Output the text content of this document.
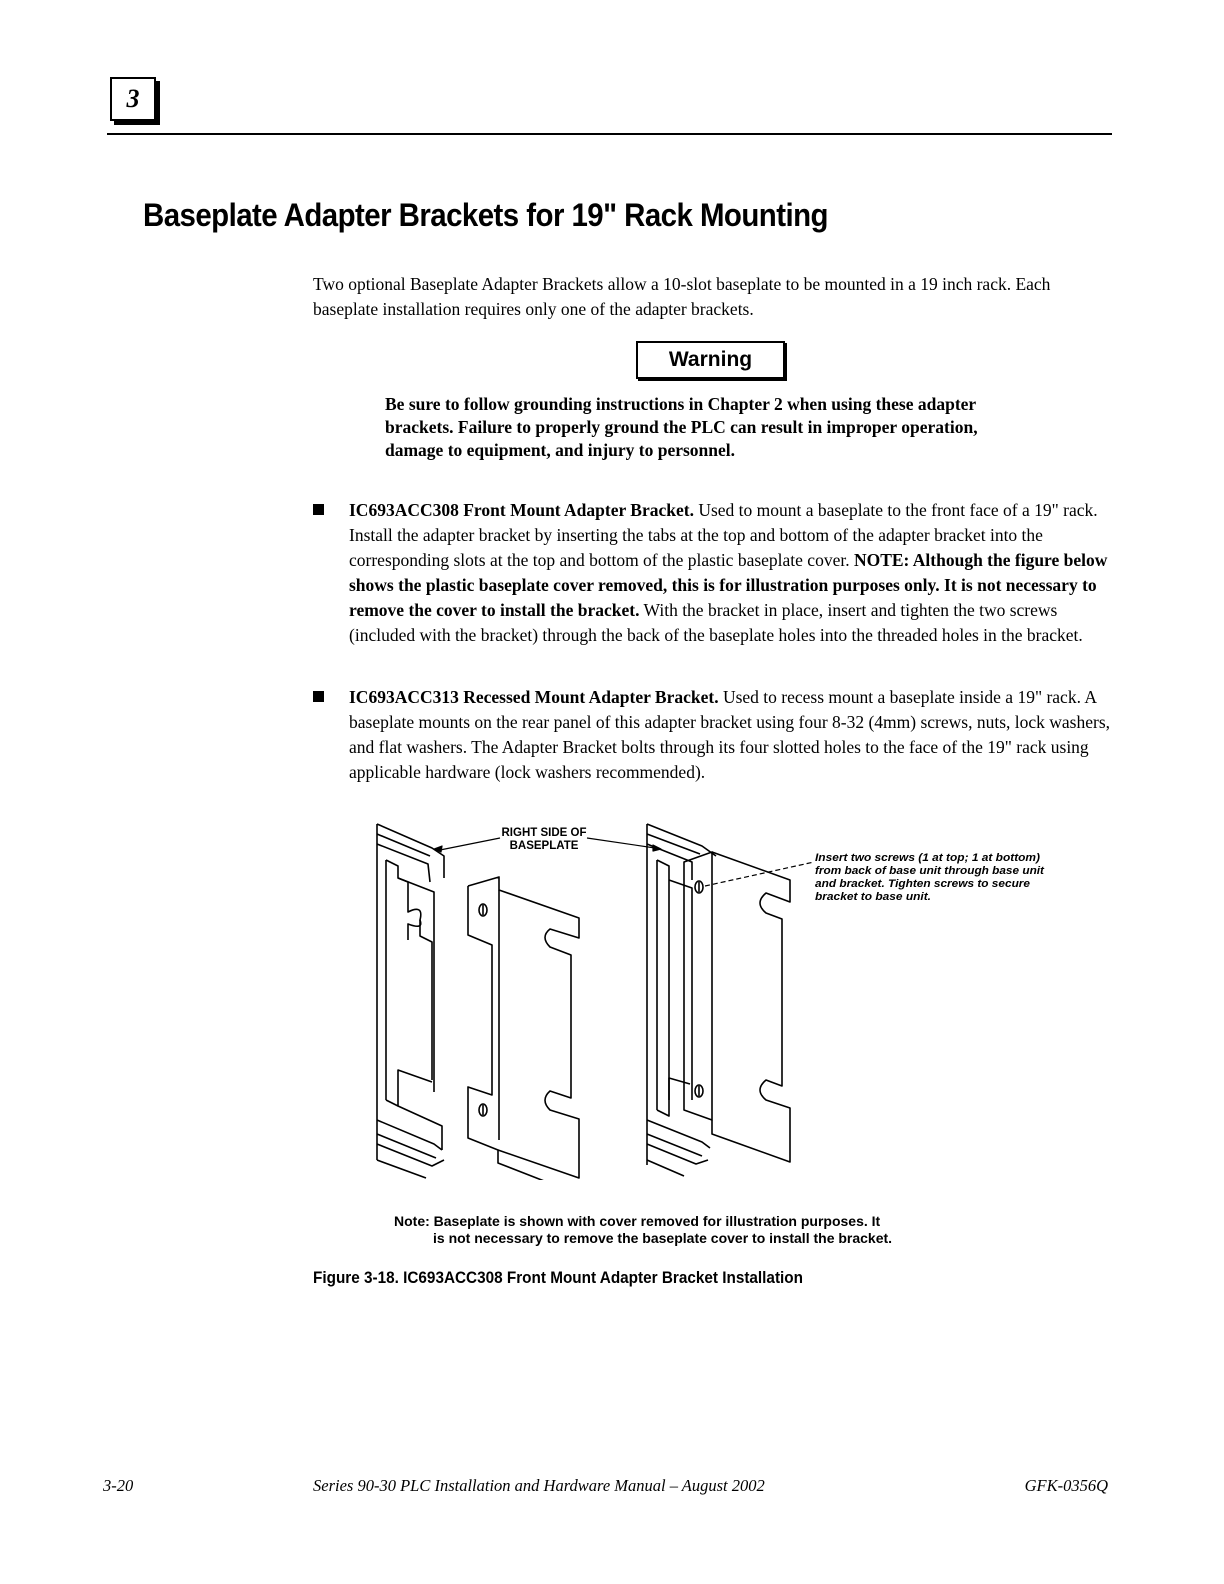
3
Baseplate Adapter Brackets for 19" Rack Mounting

Two optional Baseplate Adapter Brackets allow a 10-slot baseplate to be mounted in a 19 inch rack. Each baseplate installation requires only one of the adapter brackets.

Warning

Be sure to follow grounding instructions in Chapter 2 when using these adapter brackets. Failure to properly ground the PLC can result in improper operation, damage to equipment, and injury to personnel.

IC693ACC308 Front Mount Adapter Bracket. Used to mount a baseplate to the front face of a 19" rack. Install the adapter bracket by inserting the tabs at the top and bottom of the adapter bracket into the corresponding slots at the top and bottom of the plastic baseplate cover. NOTE: Although the figure below shows the plastic baseplate cover removed, this is for illustration purposes only. It is not necessary to remove the cover to install the bracket. With the bracket in place, insert and tighten the two screws (included with the bracket) through the back of the baseplate holes into the threaded holes in the bracket.

IC693ACC313 Recessed Mount Adapter Bracket. Used to recess mount a baseplate inside a 19" rack. A baseplate mounts on the rear panel of this adapter bracket using four 8-32 (4mm) screws, nuts, lock washers, and flat washers. The Adapter Bracket bolts through its four slotted holes to the face of the 19" rack using applicable hardware (lock washers recommended).

RIGHT SIDE OF
BASEPLATE
Insert two screws (1 at top; 1 at bottom)
from back of base unit through base unit
and bracket. Tighten screws to secure
bracket to base unit.
Note: Baseplate is shown with cover removed for illustration purposes. It
is not necessary to remove the baseplate cover to install the bracket.
Figure 3-18. IC693ACC308 Front Mount Adapter Bracket Installation
3-20	Series 90-30 PLC Installation and Hardware Manual – August 2002	GFK-0356Q
